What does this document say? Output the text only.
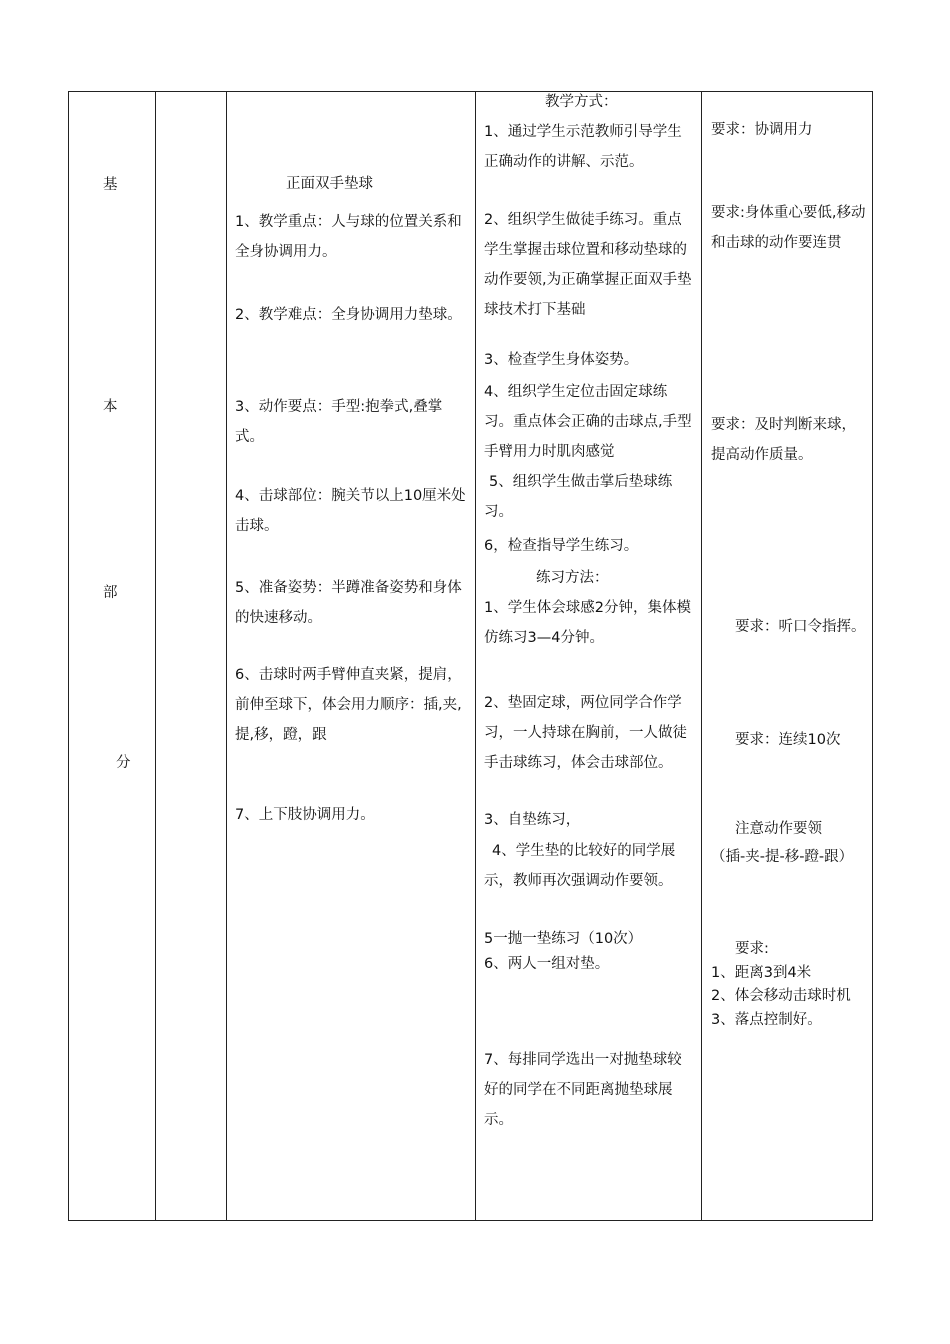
基
本
部
分
正面双手垫球
1、教学重点：人与球的位置关系和全身协调用力。
2、教学难点：全身协调用力垫球。
3、动作要点：手型:抱拳式,叠掌式。
4、击球部位：腕关节以上10厘米处击球。
5、准备姿势：半蹲准备姿势和身体的快速移动。
6、击球时两手臂伸直夹紧，提肩，前伸至球下，体会用力顺序：插,夹,提,移，蹬，跟
7、上下肢协调用力。
教学方式：
1、通过学生示范教师引导学生正确动作的讲解、示范。
2、组织学生做徒手练习。重点学生掌握击球位置和移动垫球的动作要领,为正确掌握正面双手垫球技术打下基础
3、检查学生身体姿势。
4、组织学生定位击固定球练习。重点体会正确的击球点,手型手臂用力时肌肉感觉
5、组织学生做击掌后垫球练习。
6，检查指导学生练习。
练习方法：
1、学生体会球感2分钟，集体模仿练习3—4分钟。
2、垫固定球，两位同学合作学习，一人持球在胸前，一人做徒手击球练习，体会击球部位。
3、自垫练习，
4、学生垫的比较好的同学展示，教师再次强调动作要领。
5一抛一垫练习（10次）
6、两人一组对垫。
7、每排同学选出一对抛垫球较好的同学在不同距离抛垫球展示。
要求：协调用力
要求:身体重心要低,移动和击球的动作要连贯
要求：及时判断来球，提高动作质量。
要求：听口令指挥。
要求：连续10次
注意动作要领
（插-夹-提-移-蹬-跟）
要求:
1、距离3到4米
2、体会移动击球时机3、落点控制好。
